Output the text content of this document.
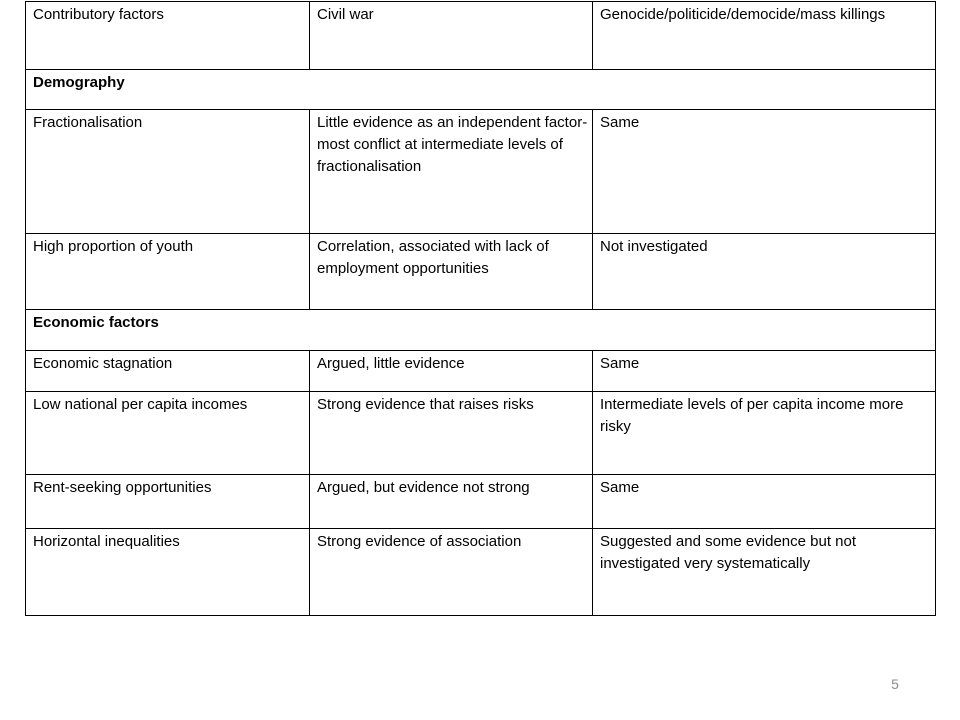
Contributory factors	Civil war	Genocide/politicide/democide/mass killings
Demography		
Fractionalisation	Little evidence as an independent factor-most conflict at intermediate levels of fractionalisation	Same
High proportion of youth	Correlation, associated with lack of employment opportunities	Not investigated
Economic factors		
Economic stagnation	Argued, little evidence	Same
Low national per capita incomes	Strong evidence that raises risks	Intermediate levels of per capita income more risky
Rent-seeking opportunities	Argued, but evidence not strong	Same
Horizontal inequalities	Strong evidence of association	Suggested and some evidence but not investigated very systematically
5
